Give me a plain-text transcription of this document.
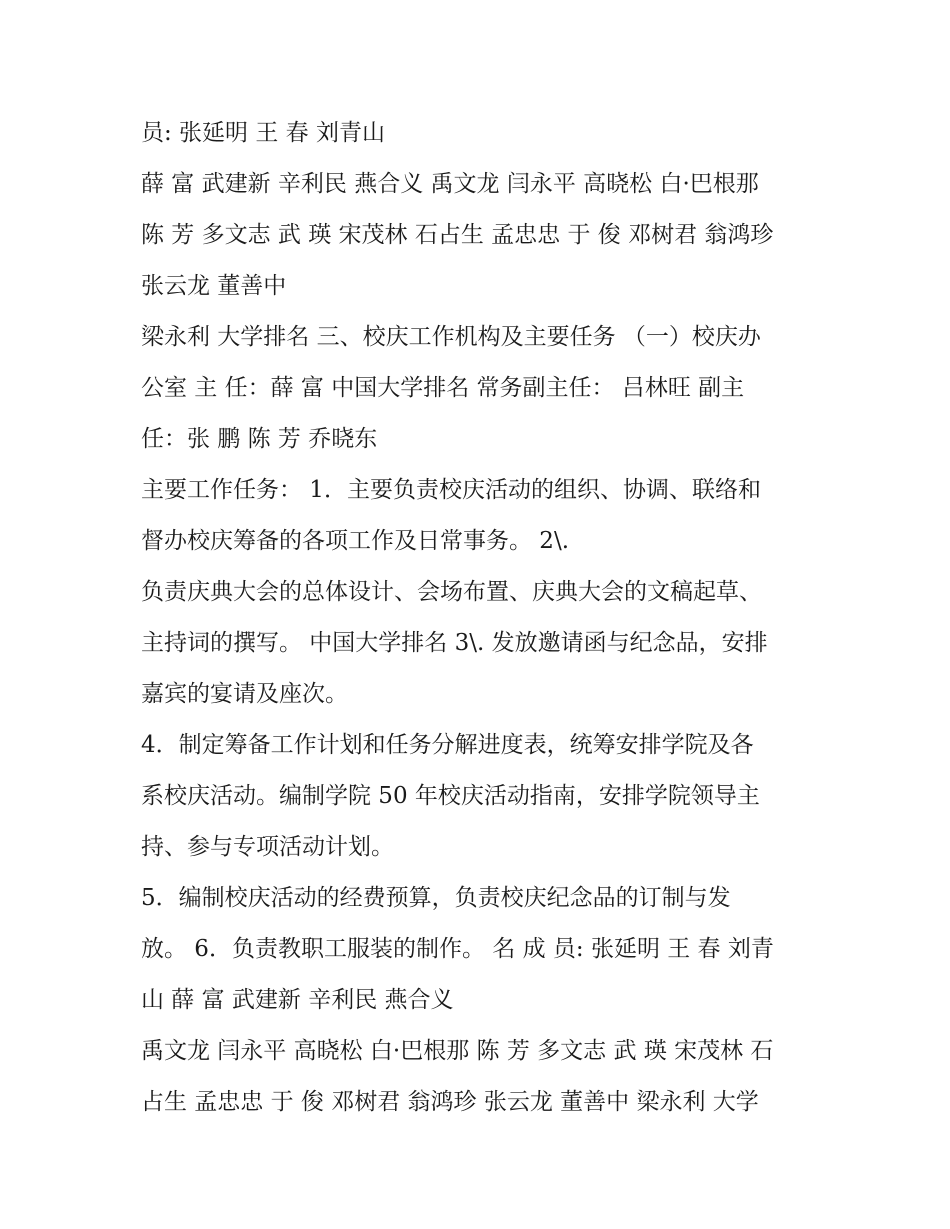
员: 张延明 王 春 刘青山
薛 富 武建新 辛利民 燕合义 禹文龙 闫永平 高晓松 白·巴根那
陈 芳 多文志 武 瑛 宋茂林 石占生 孟忠忠 于 俊 邓树君 翁鸿珍
张云龙 董善中
梁永利 大学排名 三、校庆工作机构及主要任务 （一）校庆办
公室 主 任：薛 富 中国大学排名 常务副主任： 吕林旺 副主
任：张 鹏 陈 芳 乔晓东
主要工作任务： 1．主要负责校庆活动的组织、协调、联络和
督办校庆筹备的各项工作及日常事务。 2\.
负责庆典大会的总体设计、会场布置、庆典大会的文稿起草、
主持词的撰写。 中国大学排名 3\. 发放邀请函与纪念品，安排
嘉宾的宴请及座次。
4．制定筹备工作计划和任务分解进度表，统筹安排学院及各
系校庆活动。编制学院 50 年校庆活动指南，安排学院领导主
持、参与专项活动计划。
5．编制校庆活动的经费预算，负责校庆纪念品的订制与发
放。 6．负责教职工服装的制作。 名 成 员: 张延明 王 春 刘青
山 薛 富 武建新 辛利民 燕合义
禹文龙 闫永平 高晓松 白·巴根那 陈 芳 多文志 武 瑛 宋茂林 石
占生 孟忠忠 于 俊 邓树君 翁鸿珍 张云龙 董善中 梁永利 大学
